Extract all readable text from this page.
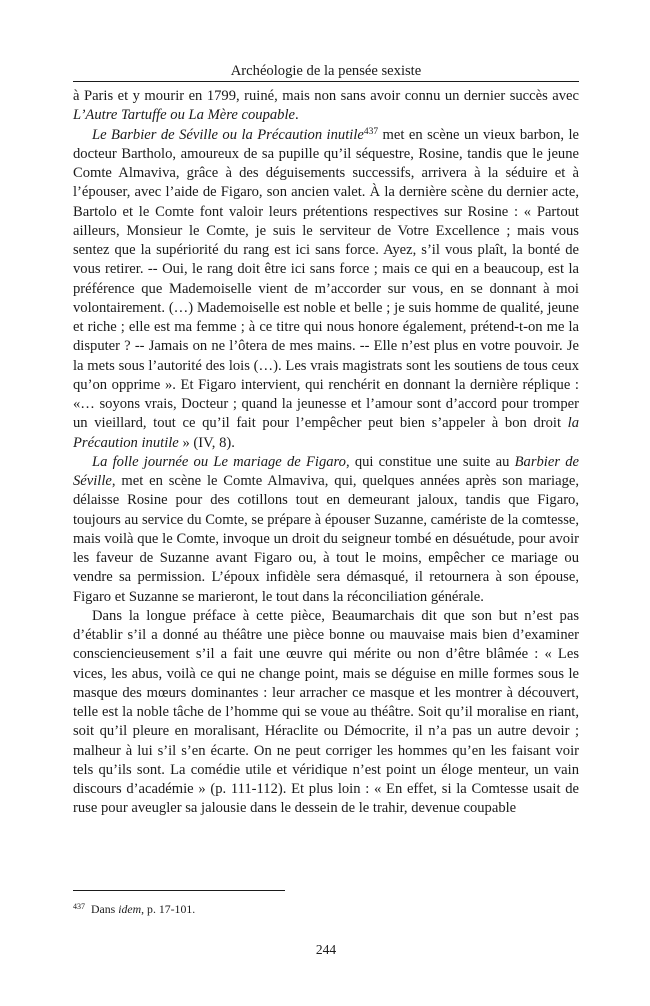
Archéologie de la pensée sexiste

à Paris et y mourir en 1799, ruiné, mais non sans avoir connu un dernier succès avec L’Autre Tartuffe ou La Mère coupable.

Le Barbier de Séville ou la Précaution inutile$^{437}$ met en scène un vieux barbon, le docteur Bartholo, amoureux de sa pupille qu’il séquestre, Rosine, tandis que le jeune Comte Almaviva, grâce à des déguisements successifs, arrivera à la séduire et à l’épouser, avec l’aide de Figaro, son ancien valet. À la dernière scène du dernier acte, Bartolo et le Comte font valoir leurs prétentions respectives sur Rosine : « Partout ailleurs, Monsieur le Comte, je suis le serviteur de Votre Excellence ; mais vous sentez que la supériorité du rang est ici sans force. Ayez, s’il vous plaît, la bonté de vous retirer. -- Oui, le rang doit être ici sans force ; mais ce qui en a beaucoup, est la préférence que Mademoiselle vient de m’accorder sur vous, en se donnant à moi volontairement. (…) Mademoiselle est noble et belle ; je suis homme de qualité, jeune et riche ; elle est ma femme ; à ce titre qui nous honore également, prétend-t-on me la disputer ? -- Jamais on ne l’ôtera de mes mains. -- Elle n’est plus en votre pouvoir. Je la mets sous l’autorité des lois (…). Les vrais magistrats sont les soutiens de tous ceux qu’on opprime ». Et Figaro intervient, qui renchérit en donnant la dernière réplique : «… soyons vrais, Docteur ; quand la jeunesse et l’amour sont d’accord pour tromper un vieillard, tout ce qu’il fait pour l’empêcher peut bien s’appeler à bon droit la Précaution inutile » (IV, 8).

La folle journée ou Le mariage de Figaro, qui constitue une suite au Barbier de Séville, met en scène le Comte Almaviva, qui, quelques années après son mariage, délaisse Rosine pour des cotillons tout en demeurant jaloux, tandis que Figaro, toujours au service du Comte, se prépare à épouser Suzanne, caméristе de la comtesse, mais voilà que le Comte, invoque un droit du seigneur tombé en désuétude, pour avoir les faveur de Suzanne avant Figaro ou, à tout le moins, empêcher ce mariage ou vendre sa permission. L’époux infidèle sera démasqué, il retournera à son épouse, Figaro et Suzanne se marieront, le tout dans la réconciliation générale.

Dans la longue préface à cette pièce, Beaumarchais dit que son but n’est pas d’établir s’il a donné au théâtre une pièce bonne ou mauvaise mais bien d’examiner consciencieusement s’il a fait une œuvre qui mérite ou non d’être blâmée : « Les vices, les abus, voilà ce qui ne change point, mais se déguise en mille formes sous le masque des mœurs dominantes : leur arracher ce masque et les montrer à découvert, telle est la noble tâche de l’homme qui se voue au théâtre. Soit qu’il moralise en riant, soit qu’il pleure en moralisant, Héraclite ou Démocrite, il n’a pas un autre devoir ; malheur à lui s’il s’en écarte. On ne peut corriger les hommes qu’en les faisant voir tels qu’ils sont. La comédie utile et véridique n’est point un éloge menteur, un vain discours d’académie » (p. 111-112). Et plus loin : « En effet, si la Comtesse usait de ruse pour aveugler sa jalousie dans le dessein de le trahir, devenue coupable

$^{437}$ Dans idem, p. 17-101.
244
